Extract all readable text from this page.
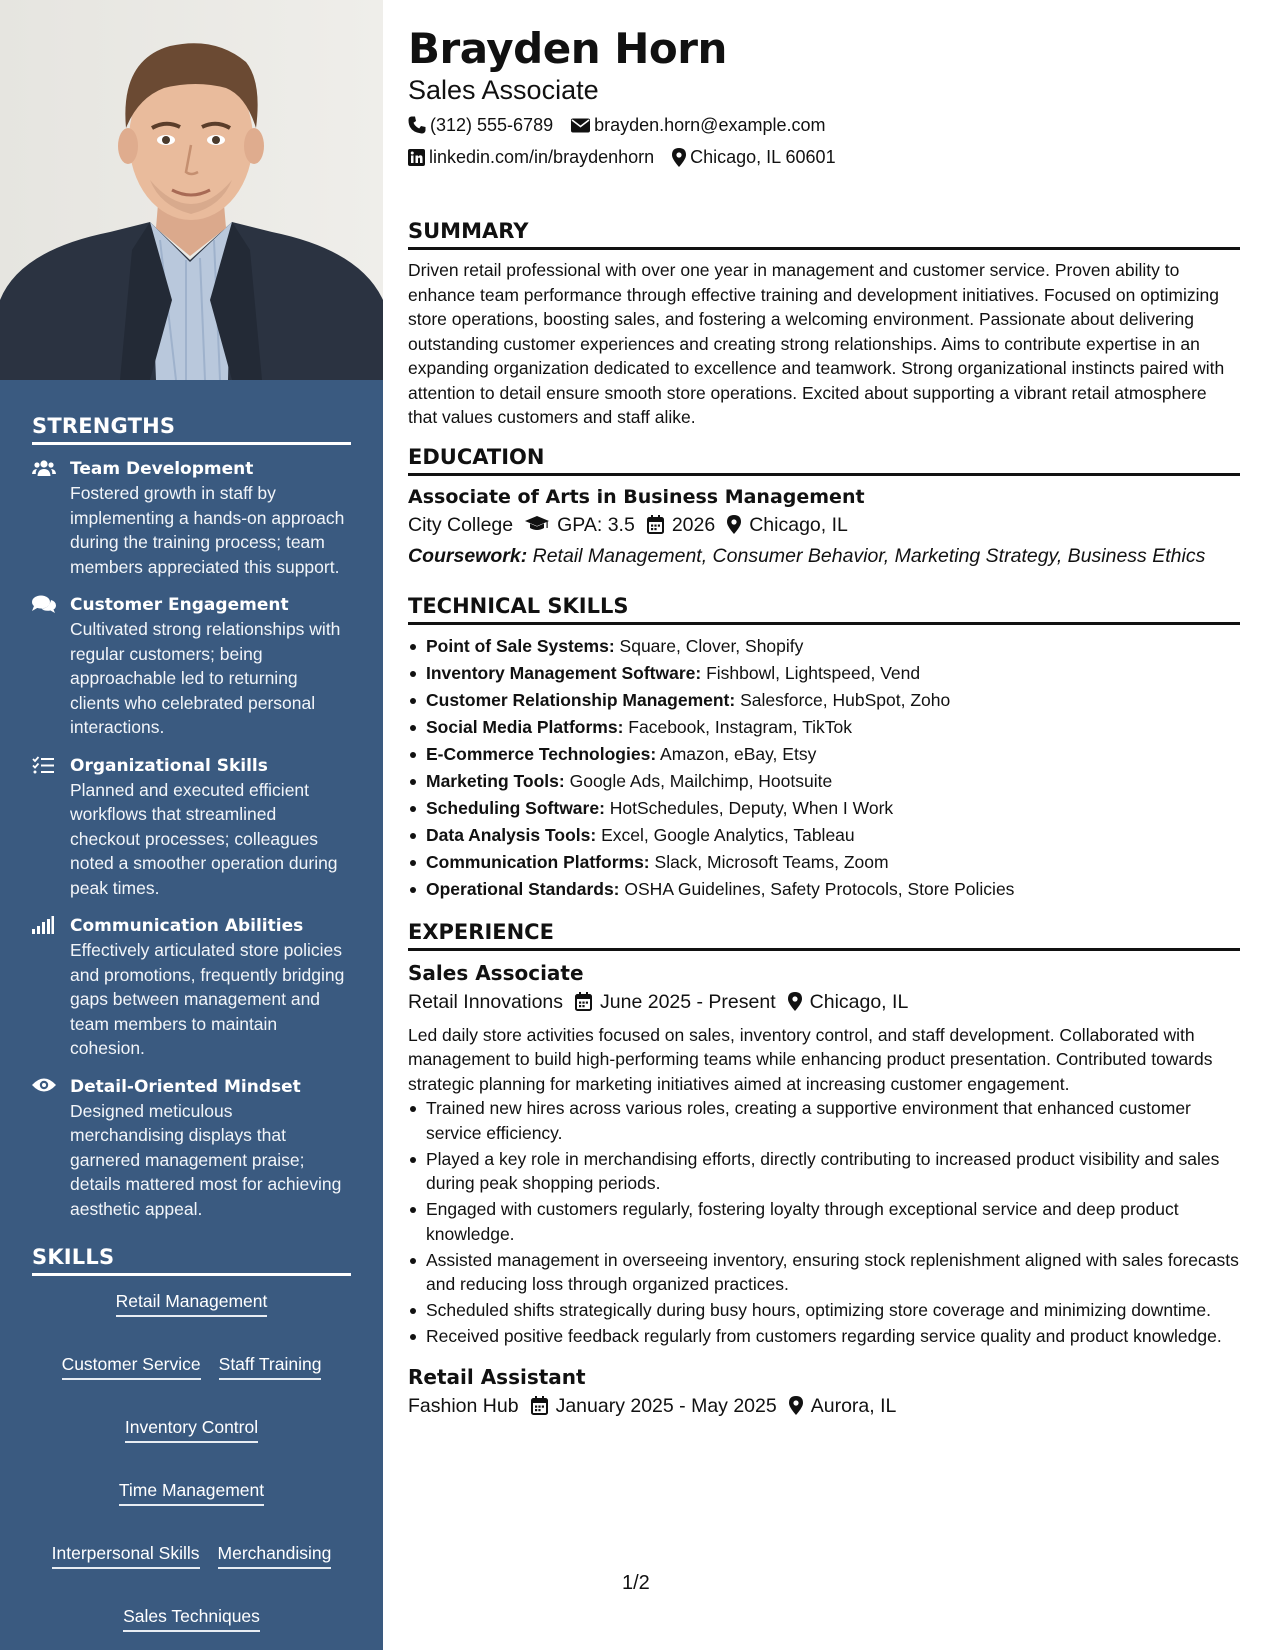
STRENGTHS
Team Development
Fostered growth in staff by implementing a hands-on approach during the training process; team members appreciated this support.
Customer Engagement
Cultivated strong relationships with regular customers; being approachable led to returning clients who celebrated personal interactions.
Organizational Skills
Planned and executed efficient workflows that streamlined checkout processes; colleagues noted a smoother operation during peak times.
Communication Abilities
Effectively articulated store policies and promotions, frequently bridging gaps between management and team members to maintain cohesion.
Detail-Oriented Mindset
Designed meticulous merchandising displays that garnered management praise; details mattered most for achieving aesthetic appeal.
SKILLS
Retail Management
Customer Service Staff Training
Inventory Control
Time Management
Interpersonal Skills Merchandising
Sales Techniques
Brayden Horn
Sales Associate
(312) 555-6789 brayden.horn@example.com
linkedin.com/in/braydenhorn Chicago, IL 60601
SUMMARY

Driven retail professional with over one year in management and customer service. Proven ability to enhance team performance through effective training and development initiatives. Focused on optimizing store operations, boosting sales, and fostering a welcoming environment. Passionate about delivering outstanding customer experiences and creating strong relationships. Aims to contribute expertise in an expanding organization dedicated to excellence and teamwork. Strong organizational instincts paired with attention to detail ensure smooth store operations. Excited about supporting a vibrant retail atmosphere that values customers and staff alike.

EDUCATION
Associate of Arts in Business Management
City College GPA: 3.5 2026 Chicago, IL
Coursework: Retail Management, Consumer Behavior, Marketing Strategy, Business Ethics
TECHNICAL SKILLS
Point of Sale Systems: Square, Clover, Shopify
Inventory Management Software: Fishbowl, Lightspeed, Vend
Customer Relationship Management: Salesforce, HubSpot, Zoho
Social Media Platforms: Facebook, Instagram, TikTok
E-Commerce Technologies: Amazon, eBay, Etsy
Marketing Tools: Google Ads, Mailchimp, Hootsuite
Scheduling Software: HotSchedules, Deputy, When I Work
Data Analysis Tools: Excel, Google Analytics, Tableau
Communication Platforms: Slack, Microsoft Teams, Zoom
Operational Standards: OSHA Guidelines, Safety Protocols, Store Policies
EXPERIENCE
Sales Associate
Retail Innovations June 2025 - Present Chicago, IL

Led daily store activities focused on sales, inventory control, and staff development. Collaborated with management to build high-performing teams while enhancing product presentation. Contributed towards strategic planning for marketing initiatives aimed at increasing customer engagement.

Trained new hires across various roles, creating a supportive environment that enhanced customer service efficiency.
Played a key role in merchandising efforts, directly contributing to increased product visibility and sales during peak shopping periods.
Engaged with customers regularly, fostering loyalty through exceptional service and deep product knowledge.
Assisted management in overseeing inventory, ensuring stock replenishment aligned with sales forecasts and reducing loss through organized practices.
Scheduled shifts strategically during busy hours, optimizing store coverage and minimizing downtime.
Received positive feedback regularly from customers regarding service quality and product knowledge.
Retail Assistant
Fashion Hub January 2025 - May 2025 Aurora, IL
1/2
